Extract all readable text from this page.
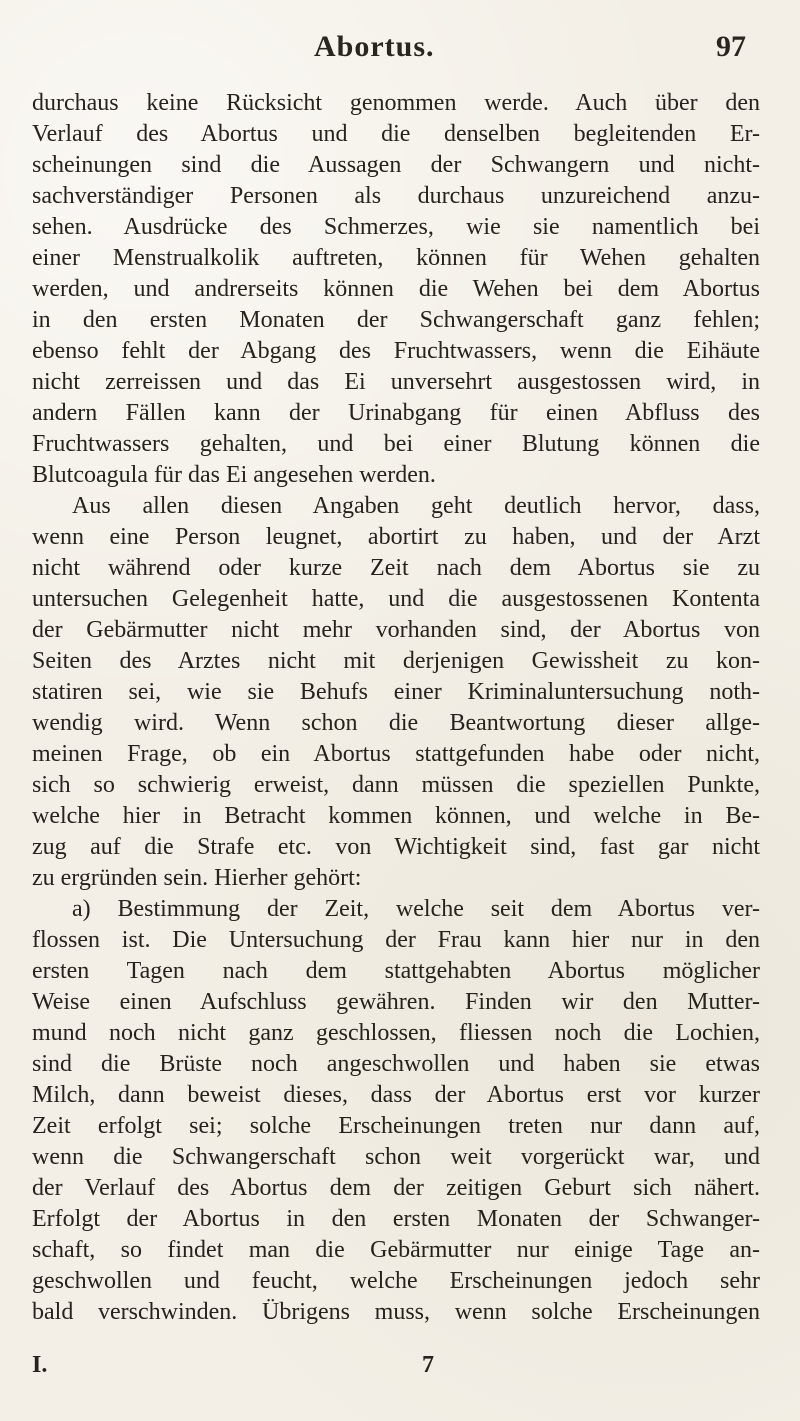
Abortus.	97
durchaus keine Rücksicht genommen werde. Auch über den
Verlauf des Abortus und die denselben begleitenden Er-
scheinungen sind die Aussagen der Schwangern und nicht-
sachverständiger Personen als durchaus unzureichend anzu-
sehen. Ausdrücke des Schmerzes, wie sie namentlich bei
einer Menstrualkolik auftreten, können für Wehen gehalten
werden, und andrerseits können die Wehen bei dem Abortus
in den ersten Monaten der Schwangerschaft ganz fehlen;
ebenso fehlt der Abgang des Fruchtwassers, wenn die Eihäute
nicht zerreissen und das Ei unversehrt ausgestossen wird, in
andern Fällen kann der Urinabgang für einen Abfluss des
Fruchtwassers gehalten, und bei einer Blutung können die
Blutcoagula für das Ei angesehen werden.
Aus allen diesen Angaben geht deutlich hervor, dass,
wenn eine Person leugnet, abortirt zu haben, und der Arzt
nicht während oder kurze Zeit nach dem Abortus sie zu
untersuchen Gelegenheit hatte, und die ausgestossenen Kontenta
der Gebärmutter nicht mehr vorhanden sind, der Abortus von
Seiten des Arztes nicht mit derjenigen Gewissheit zu kon-
statiren sei, wie sie Behufs einer Kriminaluntersuchung noth-
wendig wird. Wenn schon die Beantwortung dieser allge-
meinen Frage, ob ein Abortus stattgefunden habe oder nicht,
sich so schwierig erweist, dann müssen die speziellen Punkte,
welche hier in Betracht kommen können, und welche in Be-
zug auf die Strafe etc. von Wichtigkeit sind, fast gar nicht
zu ergründen sein. Hierher gehört:
a) Bestimmung der Zeit, welche seit dem Abortus ver-
flossen ist. Die Untersuchung der Frau kann hier nur in den
ersten Tagen nach dem stattgehabten Abortus möglicher
Weise einen Aufschluss gewähren. Finden wir den Mutter-
mund noch nicht ganz geschlossen, fliessen noch die Lochien,
sind die Brüste noch angeschwollen und haben sie etwas
Milch, dann beweist dieses, dass der Abortus erst vor kurzer
Zeit erfolgt sei; solche Erscheinungen treten nur dann auf,
wenn die Schwangerschaft schon weit vorgerückt war, und
der Verlauf des Abortus dem der zeitigen Geburt sich nähert.
Erfolgt der Abortus in den ersten Monaten der Schwanger-
schaft, so findet man die Gebärmutter nur einige Tage an-
geschwollen und feucht, welche Erscheinungen jedoch sehr
bald verschwinden. Übrigens muss, wenn solche Erscheinungen
I.	7
